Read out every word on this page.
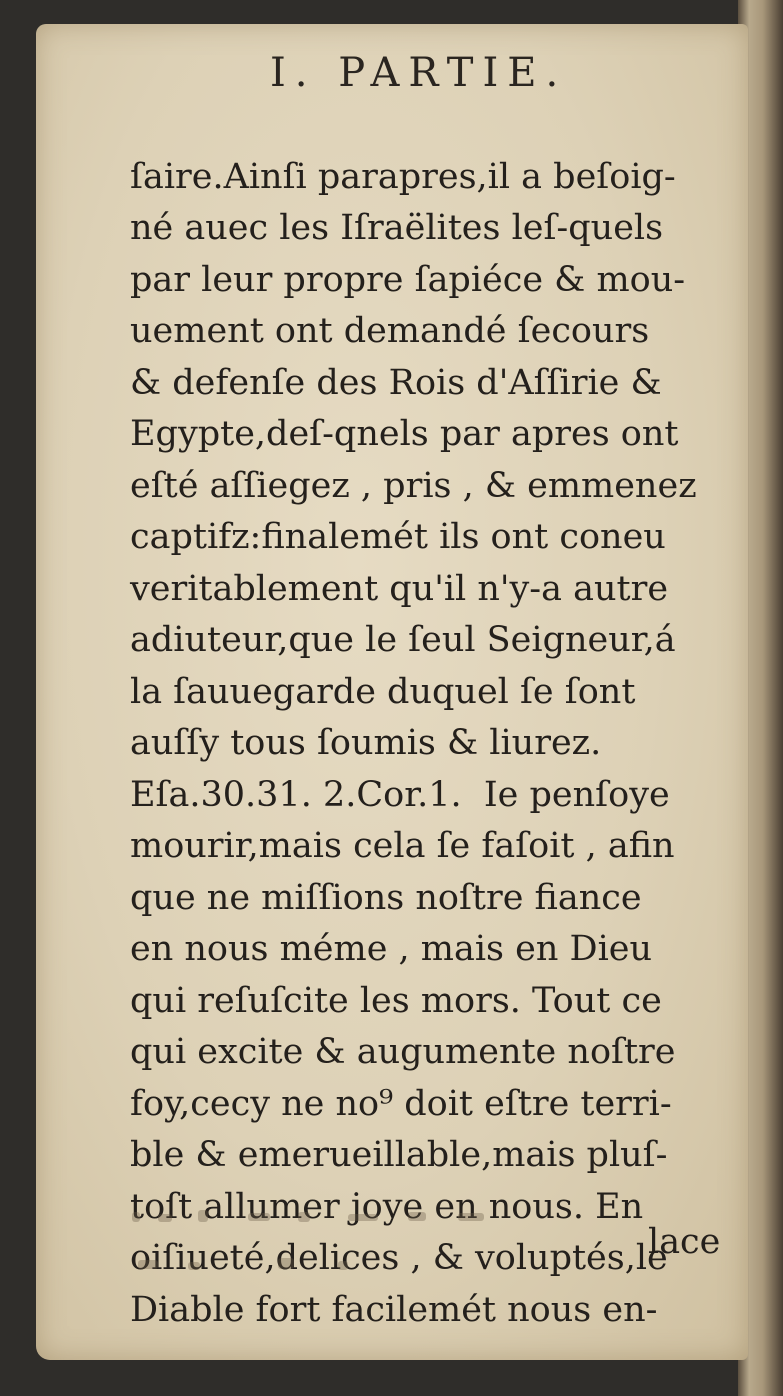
I. PARTIE.

ſaire.Ainſi parapres,il a beſoig-
né auec les Iſraëlites leſ-quels
par leur propre ſapiéce & mou-
uement ont demandé ſecours
& defenſe des Rois d'Aſſirie &
Egypte,deſ-qnels par apres ont
eſté aſſiegez , pris , & emmenez
captifz:finalemét ils ont coneu
veritablement qu'il n'y-a autre
adiuteur,que le ſeul Seigneur,á
la ſauuegarde duquel ſe ſont
auſſy tous ſoumis & liurez.
Eſa.30.31. 2.Cor.1.  Ie penſoye
mourir,mais cela ſe faſoit , afin
que ne miſſions noſtre fiance
en nous méme , mais en Dieu
qui reſuſcite les mors. Tout ce
qui excite & augumente noſtre
foy,cecy ne no⁹ doit eſtre terri-
ble & emerueillable,mais pluſ-
toſt allumer joye en nous. En
oiſiueté,delices , & voluptés,le
Diable fort facilemét nous en-

lace
